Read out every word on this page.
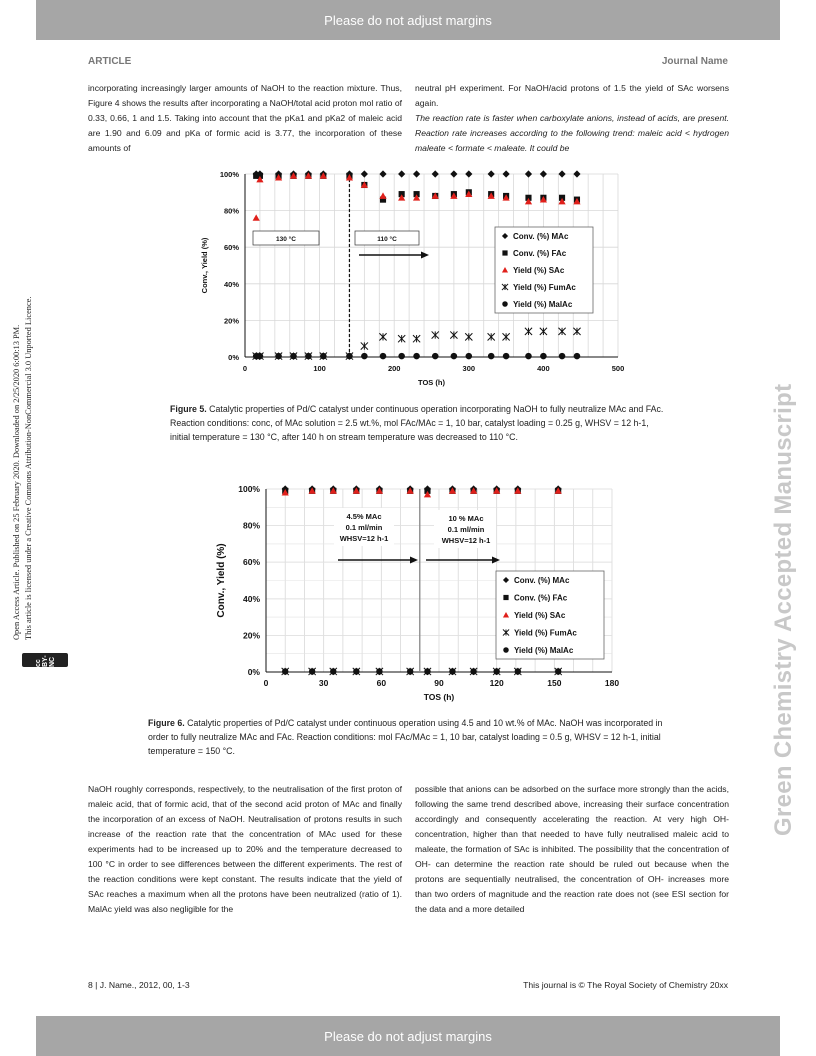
Please do not adjust margins
ARTICLE	Journal Name
Open Access Article. Published on 25 February 2020. Downloaded on 2/25/2020 6:00:13 PM. This article is licensed under a Creative Commons Attribution-NonCommercial 3.0 Unported Licence.
cc BY-NC	Green Chemistry Accepted Manuscript

incorporating increasingly larger amounts of NaOH to the reaction mixture. Thus, Figure 4 shows the results after incorporating a NaOH/total acid proton mol ratio of 0.33, 0.66, 1 and 1.5. Taking into account that the pKa1 and pKa2 of maleic acid are 1.90 and 6.09 and pKa of formic acid is 3.77, the incorporation of these amounts of

neutral pH experiment. For NaOH/acid protons of 1.5 the yield of SAc worsens again.

The reaction rate is faster when carboxylate anions, instead of acids, are present. Reaction rate increases according to the following trend: maleic acid < hydrogen maleate < formate < maleate. It could be

0%
20%
40%
60%
80%
100%
0	100	200	300	400	500
TOS (h)
Conv., Yield (%)	130 °C	110 °C	Conv. (%) MAc
Conv. (%) FAc
Yield (%) SAc
Yield (%) FumAc
Yield (%) MalAc
Figure 5. Catalytic properties of Pd/C catalyst under continuous operation incorporating NaOH to fully neutralize MAc and FAc. Reaction conditions: conc, of MAc solution = 2.5 wt.%, mol FAc/MAc = 1, 10 bar, catalyst loading = 0.25 g, WHSV = 12 h-1, initial temperature = 130 °C, after 140 h on stream temperature was decreased to 110 °C.
0%
20%
40%
60%
80%
100%
0	30	60	90	120	150	180
TOS (h)
Conv., Yield (%)
4.5% MAc
0.1 ml/min
WHSV=12 h-1
10 % MAc
0.1 ml/min
WHSV=12 h-1
Conv. (%) MAc
Conv. (%) FAc
Yield (%) SAc
Yield (%) FumAc
Yield (%) MalAc
Figure 6. Catalytic properties of Pd/C catalyst under continuous operation using 4.5 and 10 wt.% of MAc. NaOH was incorporated in order to fully neutralize MAc and FAc. Reaction conditions: mol FAc/MAc = 1, 10 bar, catalyst loading = 0.5 g, WHSV = 12 h-1, initial temperature = 150 °C.

NaOH roughly corresponds, respectively, to the neutralisation of the first proton of maleic acid, that of formic acid, that of the second acid proton of MAc and finally the incorporation of an excess of NaOH. Neutralisation of protons results in such increase of the reaction rate that the concentration of MAc used for these experiments had to be increased up to 20% and the temperature decreased to 100 °C in order to see differences between the different experiments. The rest of the reaction conditions were kept constant. The results indicate that the yield of SAc reaches a maximum when all the protons have been neutralized (ratio of 1). MalAc yield was also negligible for the

possible that anions can be adsorbed on the surface more strongly than the acids, following the same trend described above, increasing their surface concentration accordingly and consequently accelerating the reaction. At very high OH- concentration, higher than that needed to have fully neutralised maleic acid to maleate, the formation of SAc is inhibited. The possibility that the concentration of OH- can determine the reaction rate should be ruled out because when the protons are sequentially neutralised, the concentration of OH- increases more than two orders of magnitude and the reaction rate does not (see ESI section for the data and a more detailed

8 | J. Name., 2012, 00, 1-3	This journal is © The Royal Society of Chemistry 20xx
Please do not adjust margins
